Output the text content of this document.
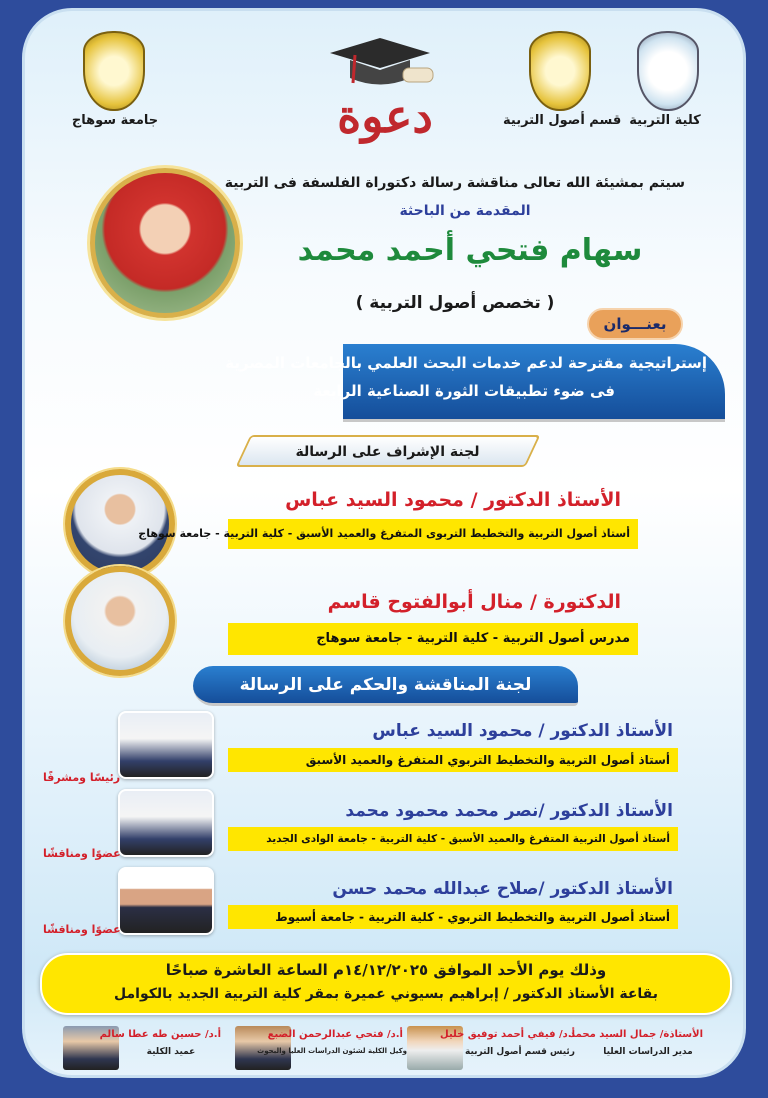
جامعة سوهاج	قسم أصول التربية كلية التربية
دعوة
سيتم بمشيئة الله تعالى مناقشة رسالة دكتوراة الفلسفة فى التربية
المقدمة من الباحثة
سهام فتحي أحمد محمد
( تخصص أصول التربية )
بعنـــوان
إستراتيجية مقترحة لدعم خدمات البحث العلمي بالجامعات المصرية
فى ضوء تطبيقات الثورة الصناعية الرابعة
لجنة الإشراف على الرسالة
الأستاذ الدكتور / محمود السيد عباس
أستاذ أصول التربية والتخطيط التربوى المتفرغ والعميد الأسبق - كلية التربية - جامعة سوهاج
الدكتورة / منال أبوالفتوح قاسم
مدرس أصول التربية - كلية التربية - جامعة سوهاج
لجنة المناقشة والحكم على الرسالة
الأستاذ الدكتور / محمود السيد عباس
أستاذ أصول التربية والتخطيط التربوي المتفرغ والعميد الأسبق
رئيسًا ومشرفًا
الأستاذ الدكتور /نصر محمد محمود محمد
أستاذ أصول التربية المتفرغ والعميد الأسبق - كلية التربية - جامعة الوادى الجديد
عضوًا ومناقشًا
الأستاذ الدكتور /صلاح عبدالله محمد حسن
أستاذ أصول التربية والتخطيط التربوي - كلية التربية - جامعة أسيوط
عضوًا ومناقشًا
وذلك يوم الأحد الموافق ١٤/١٢/٢٠٢٥م الساعة العاشرة صباحًا
بقاعة الأستاذ الدكتور / إبراهيم بسيوني عميرة بمقر كلية التربية الجديد بالكوامل
الأستاذة/ جمال السيد محمد
مدير الدراسات العليا
أ.د/ فيفي أحمد توفيق خليل
رئيس قسم أصول التربية
أ.د/ فتحي عبدالرحمن الضبع
وكيل الكلية لشئون الدراسات العليا والبحوث
أ.د/ حسين طه عطا سالم
عميد الكلية
